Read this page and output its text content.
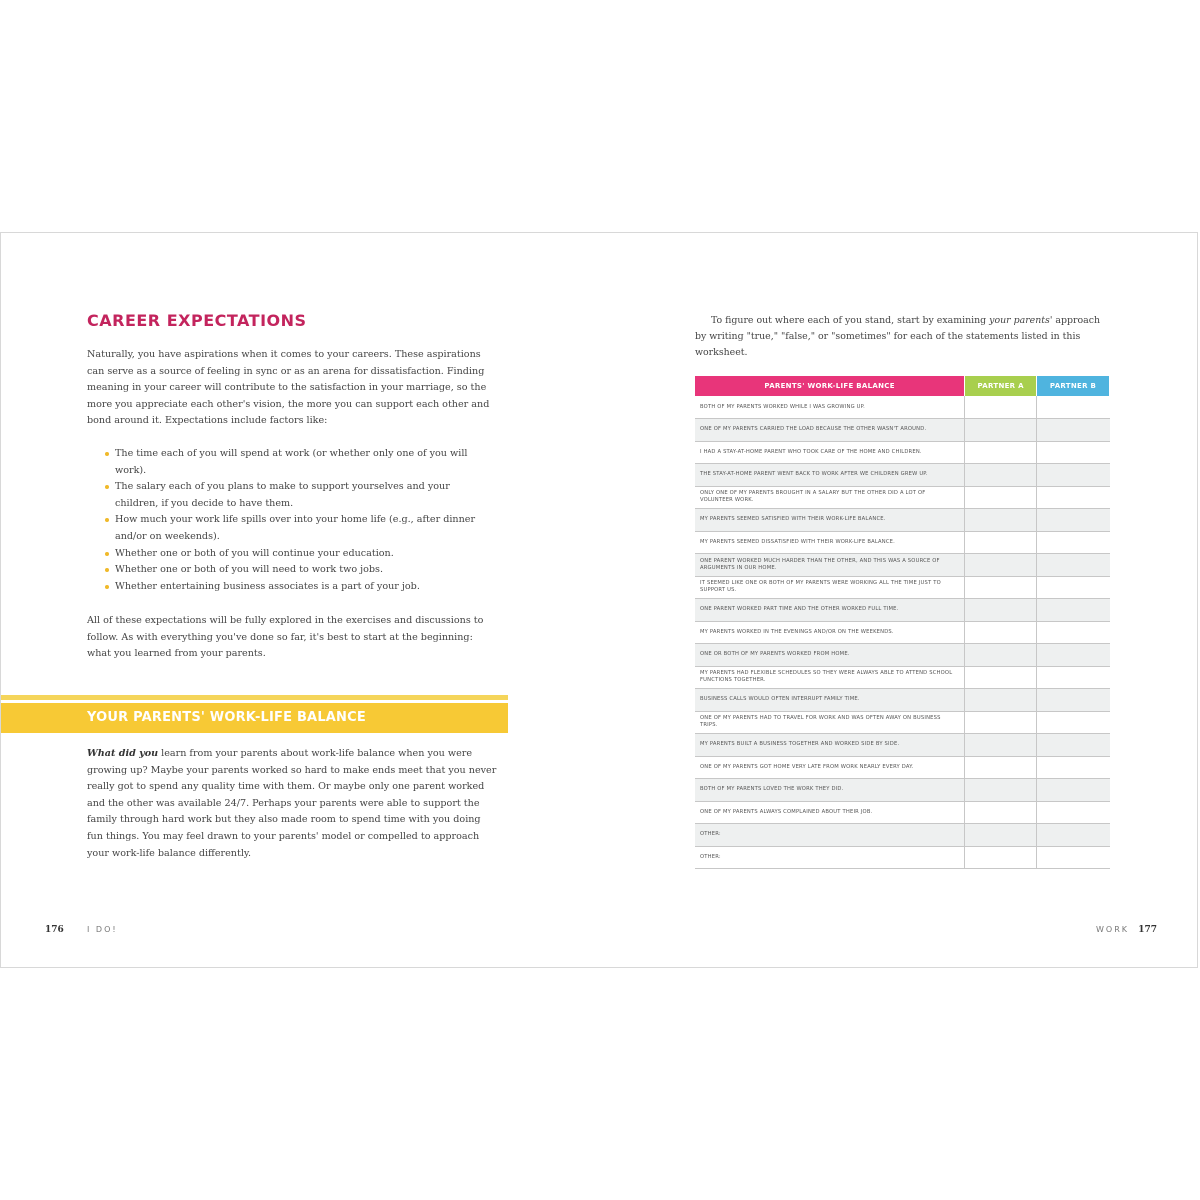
CAREER EXPECTATIONS

Naturally, you have aspirations when it comes to your careers. These aspirations can serve as a source of feeling in sync or as an arena for dissatisfaction. Finding meaning in your career will contribute to the satisfaction in your marriage, so the more you appreciate each other's vision, the more you can support each other and bond around it. Expectations include factors like:

The time each of you will spend at work (or whether only one of you will work).
The salary each of you plans to make to support yourselves and your children, if you decide to have them.
How much your work life spills over into your home life (e.g., after dinner and/or on weekends).
Whether one or both of you will continue your education.
Whether one or both of you will need to work two jobs.
Whether entertaining business associates is a part of your job.

All of these expectations will be fully explored in the exercises and discussions to follow. As with everything you've done so far, it's best to start at the beginning: what you learned from your parents.

YOUR PARENTS' WORK-LIFE BALANCE

What did you learn from your parents about work-life balance when you were growing up? Maybe your parents worked so hard to make ends meet that you never really got to spend any quality time with them. Or maybe only one parent worked and the other was available 24/7. Perhaps your parents were able to support the family through hard work but they also made room to spend time with you doing fun things. You may feel drawn to your parents' model or compelled to approach your work-life balance differently.

176	I DO!

To figure out where each of you stand, start by examining your parents' approach by writing "true," "false," or "sometimes" for each of the statements listed in this worksheet.

PARENTS' WORK-LIFE BALANCE	PARTNER A	PARTNER B
BOTH OF MY PARENTS WORKED WHILE I WAS GROWING UP.		
ONE OF MY PARENTS CARRIED THE LOAD BECAUSE THE OTHER WASN'T AROUND.		
I HAD A STAY-AT-HOME PARENT WHO TOOK CARE OF THE HOME AND CHILDREN.		
THE STAY-AT-HOME PARENT WENT BACK TO WORK AFTER WE CHILDREN GREW UP.		
ONLY ONE OF MY PARENTS BROUGHT IN A SALARY BUT THE OTHER DID A LOT OF VOLUNTEER WORK.		
MY PARENTS SEEMED SATISFIED WITH THEIR WORK-LIFE BALANCE.		
MY PARENTS SEEMED DISSATISFIED WITH THEIR WORK-LIFE BALANCE.		
ONE PARENT WORKED MUCH HARDER THAN THE OTHER, AND THIS WAS A SOURCE OF ARGUMENTS IN OUR HOME.		
IT SEEMED LIKE ONE OR BOTH OF MY PARENTS WERE WORKING ALL THE TIME JUST TO SUPPORT US.		
ONE PARENT WORKED PART TIME AND THE OTHER WORKED FULL TIME.		
MY PARENTS WORKED IN THE EVENINGS AND/OR ON THE WEEKENDS.		
ONE OR BOTH OF MY PARENTS WORKED FROM HOME.		
MY PARENTS HAD FLEXIBLE SCHEDULES SO THEY WERE ALWAYS ABLE TO ATTEND SCHOOL FUNCTIONS TOGETHER.		
BUSINESS CALLS WOULD OFTEN INTERRUPT FAMILY TIME.		
ONE OF MY PARENTS HAD TO TRAVEL FOR WORK AND WAS OFTEN AWAY ON BUSINESS TRIPS.		
MY PARENTS BUILT A BUSINESS TOGETHER AND WORKED SIDE BY SIDE.		
ONE OF MY PARENTS GOT HOME VERY LATE FROM WORK NEARLY EVERY DAY.		
BOTH OF MY PARENTS LOVED THE WORK THEY DID.		
ONE OF MY PARENTS ALWAYS COMPLAINED ABOUT THEIR JOB.		
OTHER:		
OTHER:		
WORK 177
